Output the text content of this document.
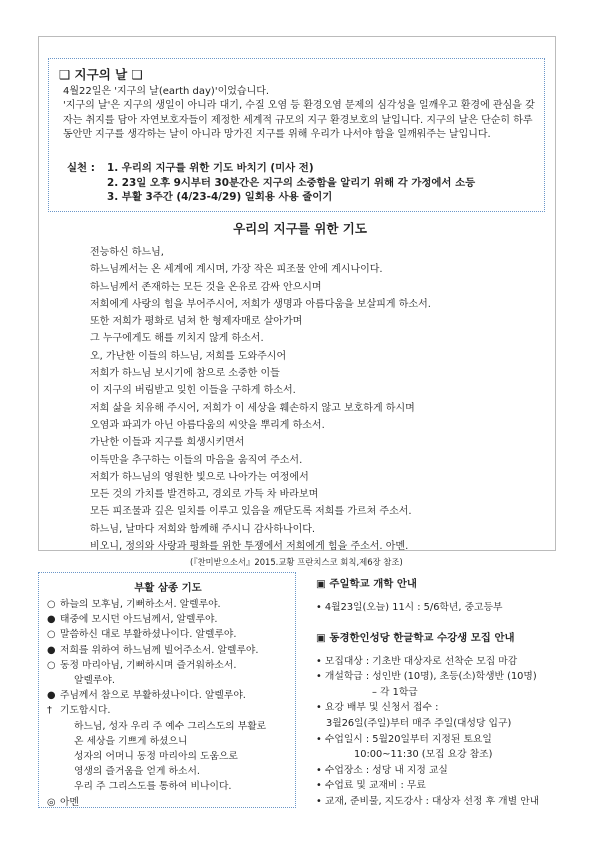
❑ 지구의 날 ❑

4월22일은 '지구의 날(earth day)'이었습니다.

'지구의 날'은 지구의 생일이 아니라 대기, 수질 오염 등 환경오염 문제의 심각성을 일깨우고 환경에 관심을 갖자는 취지를 담아 자연보호자들이 제정한 세계적 규모의 지구 환경보호의 날입니다. 지구의 날은 단순히 하루 동안만 지구를 생각하는 날이 아니라 망가진 지구를 위해 우리가 나서야 함을 일깨워주는 날입니다.

실천 :	1. 우리의 지구를 위한 기도 바치기 (미사 전)
2. 23일 오후 9시부터 30분간은 지구의 소중함을 알리기 위해 각 가정에서 소등
3. 부활 3주간 (4/23-4/29) 일회용 사용 줄이기
우리의 지구를 위한 기도
전능하신 하느님,
하느님께서는 온 세계에 계시며, 가장 작은 피조물 안에 계시나이다.
하느님께서 존재하는 모든 것을 온유로 감싸 안으시며
저희에게 사랑의 힘을 부어주시어, 저희가 생명과 아름다움을 보살피게 하소서.
또한 저희가 평화로 넘쳐 한 형제자매로 살아가며
그 누구에게도 해를 끼치지 않게 하소서.
오, 가난한 이들의 하느님, 저희를 도와주시어
저희가 하느님 보시기에 참으로 소중한 이들
이 지구의 버림받고 잊힌 이들을 구하게 하소서.
저희 삶을 치유해 주시어, 저희가 이 세상을 훼손하지 않고 보호하게 하시며
오염과 파괴가 아닌 아름다움의 씨앗을 뿌리게 하소서.
가난한 이들과 지구를 희생시키면서
이득만을 추구하는 이들의 마음을 움직여 주소서.
저희가 하느님의 영원한 빛으로 나아가는 여정에서
모든 것의 가치를 발견하고, 경외로 가득 차 바라보며
모든 피조물과 깊은 일치를 이루고 있음을 깨닫도록 저희를 가르쳐 주소서.
하느님, 날마다 저희와 함께해 주시니 감사하나이다.
비오니, 정의와 사랑과 평화를 위한 투쟁에서 저희에게 힘을 주소서. 아멘.
(『찬미받으소서』2015.교황 프란치스코 회칙,제6장 참조)
부활 삼종 기도
○ 하늘의 모후님, 기뻐하소서. 알렐루야.
● 태중에 모시던 아드님께서, 알렐루야.
○ 말씀하신 대로 부활하셨나이다. 알렐루야.
● 저희를 위하여 하느님께 빌어주소서. 알렐루야.
○ 동정 마리아님, 기뻐하시며 즐거워하소서.
알렐루야.
● 주님께서 참으로 부활하셨나이다. 알렐루야.
† 기도합시다.
하느님, 성자 우리 주 예수 그리스도의 부활로
온 세상을 기쁘게 하셨으니
성자의 어머니 동정 마리아의 도움으로
영생의 즐거움을 얻게 하소서.
우리 주 그리스도를 통하여 비나이다.
◎ 아멘
▣ 주일학교 개학 안내
• 4월23일(오늘) 11시 : 5/6학년, 중고등부
▣ 동경한인성당 한글학교 수강생 모집 안내
• 모집대상 : 기초반 대상자로 선착순 모집 마감
• 개설학급 : 성인반 (10명), 초등(소)학생반 (10명)
– 각 1학급
• 요강 배부 및 신청서 접수 :
3월26일(주일)부터 매주 주일(대성당 입구)
• 수업일시 : 5월20일부터 지정된 토요일
10:00~11:30 (모집 요강 참조)
• 수업장소 : 성당 내 지정 교실
• 수업료 및 교재비 : 무료
• 교재, 준비물, 지도강사 : 대상자 선정 후 개별 안내
